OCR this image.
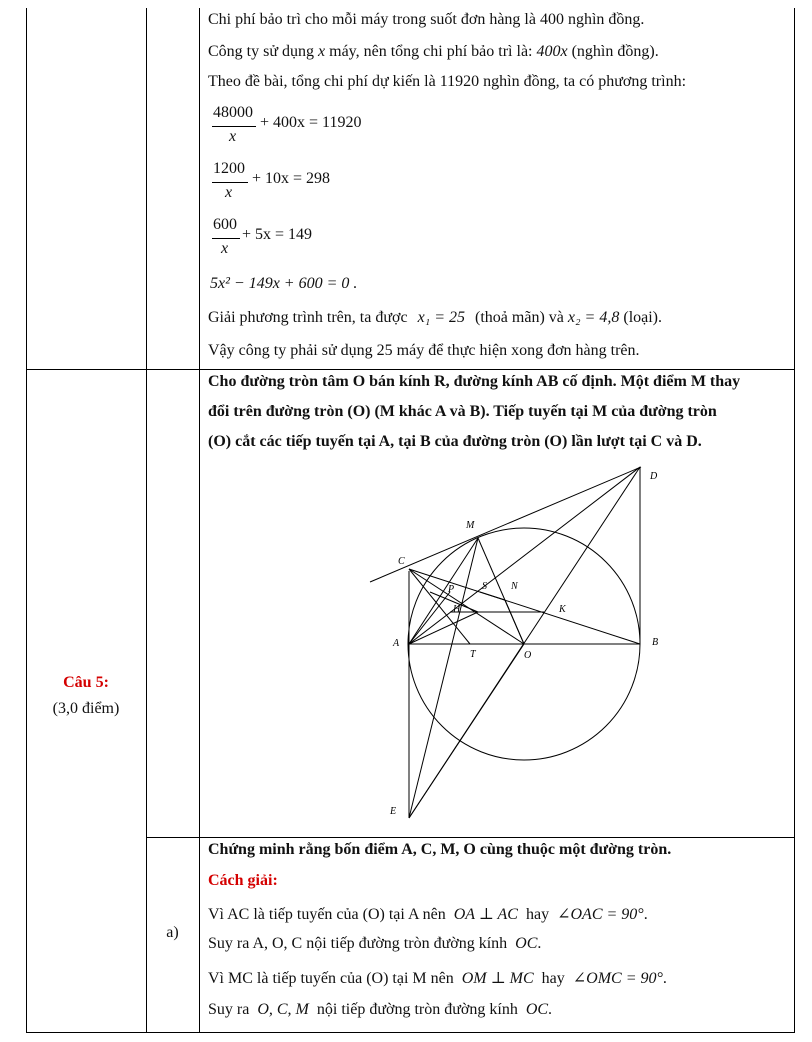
Chi phí bảo trì cho mỗi máy trong suốt đơn hàng là 400 nghìn đồng.
Công ty sử dụng x máy, nên tổng chi phí bảo trì là: 400x (nghìn đồng).
Theo đề bài, tổng chi phí dự kiến là 11920 nghìn đồng, ta có phương trình:
48000
x
+ 400x = 11920
1200
x
+ 10x = 298
600
x
+ 5x = 149
5x² − 149x + 600 = 0 .
Giải phương trình trên, ta được x₁ = 25 (thoả mãn) và x₂ = 4,8 (loại).
Vậy công ty phải sử dụng 25 máy để thực hiện xong đơn hàng trên.
Câu 5:
(3,0 điểm)
Cho đường tròn tâm O bán kính R, đường kính AB cố định. Một điểm M thay
đổi trên đường tròn (O) (M khác A và B). Tiếp tuyến tại M của đường tròn
(O) cắt các tiếp tuyến tại A, tại B của đường tròn (O) lần lượt tại C và D.
D
M
C
P	S N
H	K
A
T	O
B
E
a)
Chứng minh rằng bốn điểm A, C, M, O cùng thuộc một đường tròn.
Cách giải:
Vì AC là tiếp tuyến của (O) tại A nên OA ⊥ AC hay ∠OAC = 90°.
Suy ra A, O, C nội tiếp đường tròn đường kính OC.
Vì MC là tiếp tuyến của (O) tại M nên OM ⊥ MC hay ∠OMC = 90°.
Suy ra O, C, M nội tiếp đường tròn đường kính OC.
